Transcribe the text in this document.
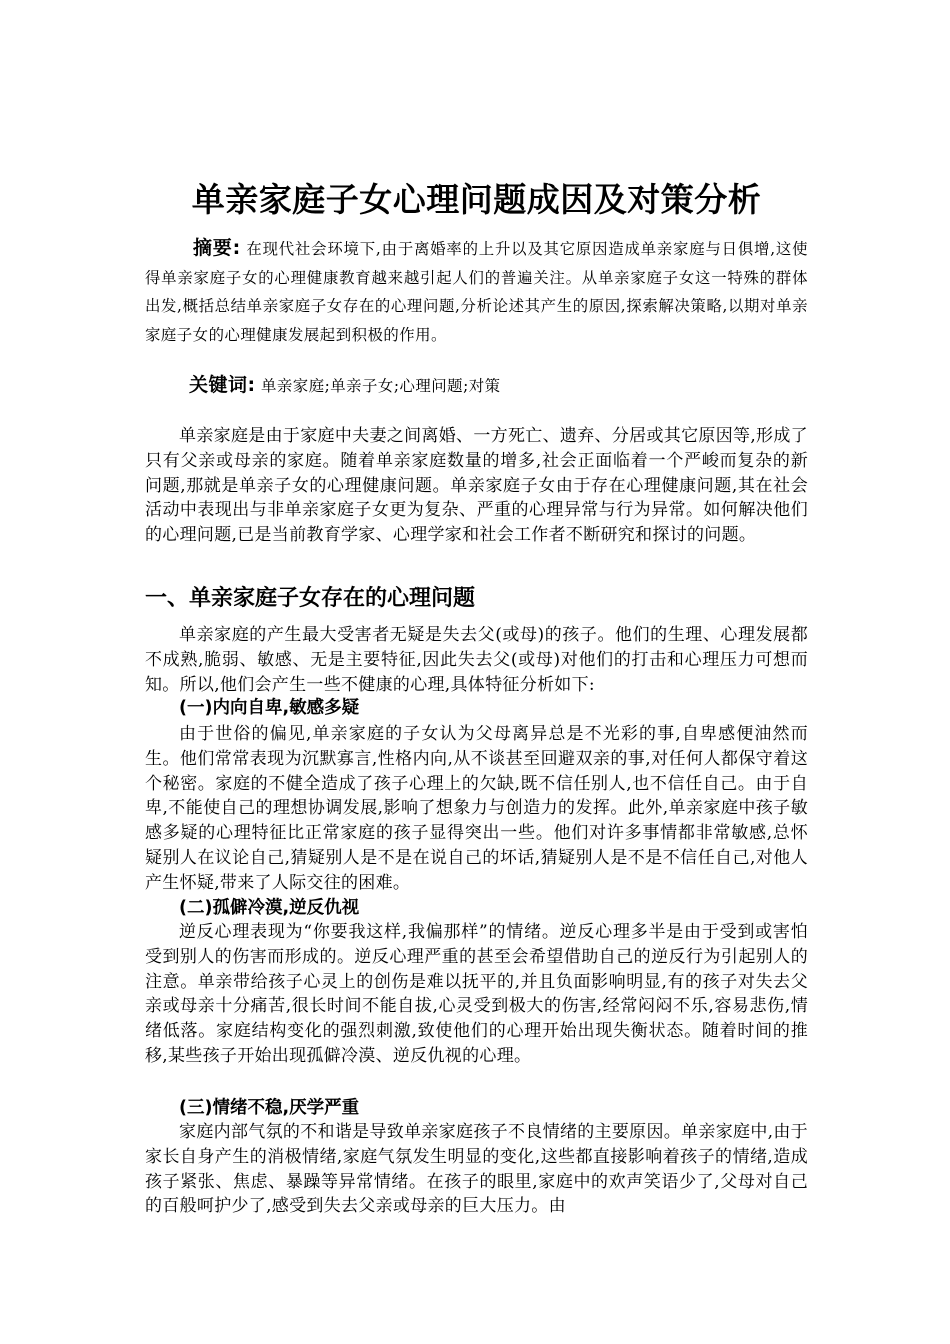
单亲家庭子女心理问题成因及对策分析
摘要: 在现代社会环境下,由于离婚率的上升以及其它原因造成单亲家庭与日俱增,这使得单亲家庭子女的心理健康教育越来越引起人们的普遍关注。从单亲家庭子女这一特殊的群体出发,概括总结单亲家庭子女存在的心理问题,分析论述其产生的原因,探索解决策略,以期对单亲家庭子女的心理健康发展起到积极的作用。
关键词: 单亲家庭;单亲子女;心理问题;对策
单亲家庭是由于家庭中夫妻之间离婚、一方死亡、遗弃、分居或其它原因等,形成了只有父亲或母亲的家庭。随着单亲家庭数量的增多,社会正面临着一个严峻而复杂的新问题,那就是单亲子女的心理健康问题。单亲家庭子女由于存在心理健康问题,其在社会活动中表现出与非单亲家庭子女更为复杂、严重的心理异常与行为异常。如何解决他们的心理问题,已是当前教育学家、心理学家和社会工作者不断研究和探讨的问题。
一、单亲家庭子女存在的心理问题
单亲家庭的产生最大受害者无疑是失去父(或母)的孩子。他们的生理、心理发展都不成熟,脆弱、敏感、无是主要特征,因此失去父(或母)对他们的打击和心理压力可想而知。所以,他们会产生一些不健康的心理,具体特征分析如下:
(一)内向自卑,敏感多疑
由于世俗的偏见,单亲家庭的子女认为父母离异总是不光彩的事,自卑感便油然而生。他们常常表现为沉默寡言,性格内向,从不谈甚至回避双亲的事,对任何人都保守着这个秘密。家庭的不健全造成了孩子心理上的欠缺,既不信任别人,也不信任自己。由于自卑,不能使自己的理想协调发展,影响了想象力与创造力的发挥。此外,单亲家庭中孩子敏感多疑的心理特征比正常家庭的孩子显得突出一些。他们对许多事情都非常敏感,总怀疑别人在议论自己,猜疑别人是不是在说自己的坏话,猜疑别人是不是不信任自己,对他人产生怀疑,带来了人际交往的困难。
(二)孤僻冷漠,逆反仇视
逆反心理表现为“你要我这样,我偏那样”的情绪。逆反心理多半是由于受到或害怕受到别人的伤害而形成的。逆反心理严重的甚至会希望借助自己的逆反行为引起别人的注意。单亲带给孩子心灵上的创伤是难以抚平的,并且负面影响明显,有的孩子对失去父亲或母亲十分痛苦,很长时间不能自拔,心灵受到极大的伤害,经常闷闷不乐,容易悲伤,情绪低落。家庭结构变化的强烈刺激,致使他们的心理开始出现失衡状态。随着时间的推移,某些孩子开始出现孤僻冷漠、逆反仇视的心理。
(三)情绪不稳,厌学严重
家庭内部气氛的不和谐是导致单亲家庭孩子不良情绪的主要原因。单亲家庭中,由于家长自身产生的消极情绪,家庭气氛发生明显的变化,这些都直接影响着孩子的情绪,造成孩子紧张、焦虑、暴躁等异常情绪。在孩子的眼里,家庭中的欢声笑语少了,父母对自己的百般呵护少了,感受到失去父亲或母亲的巨大压力。由
